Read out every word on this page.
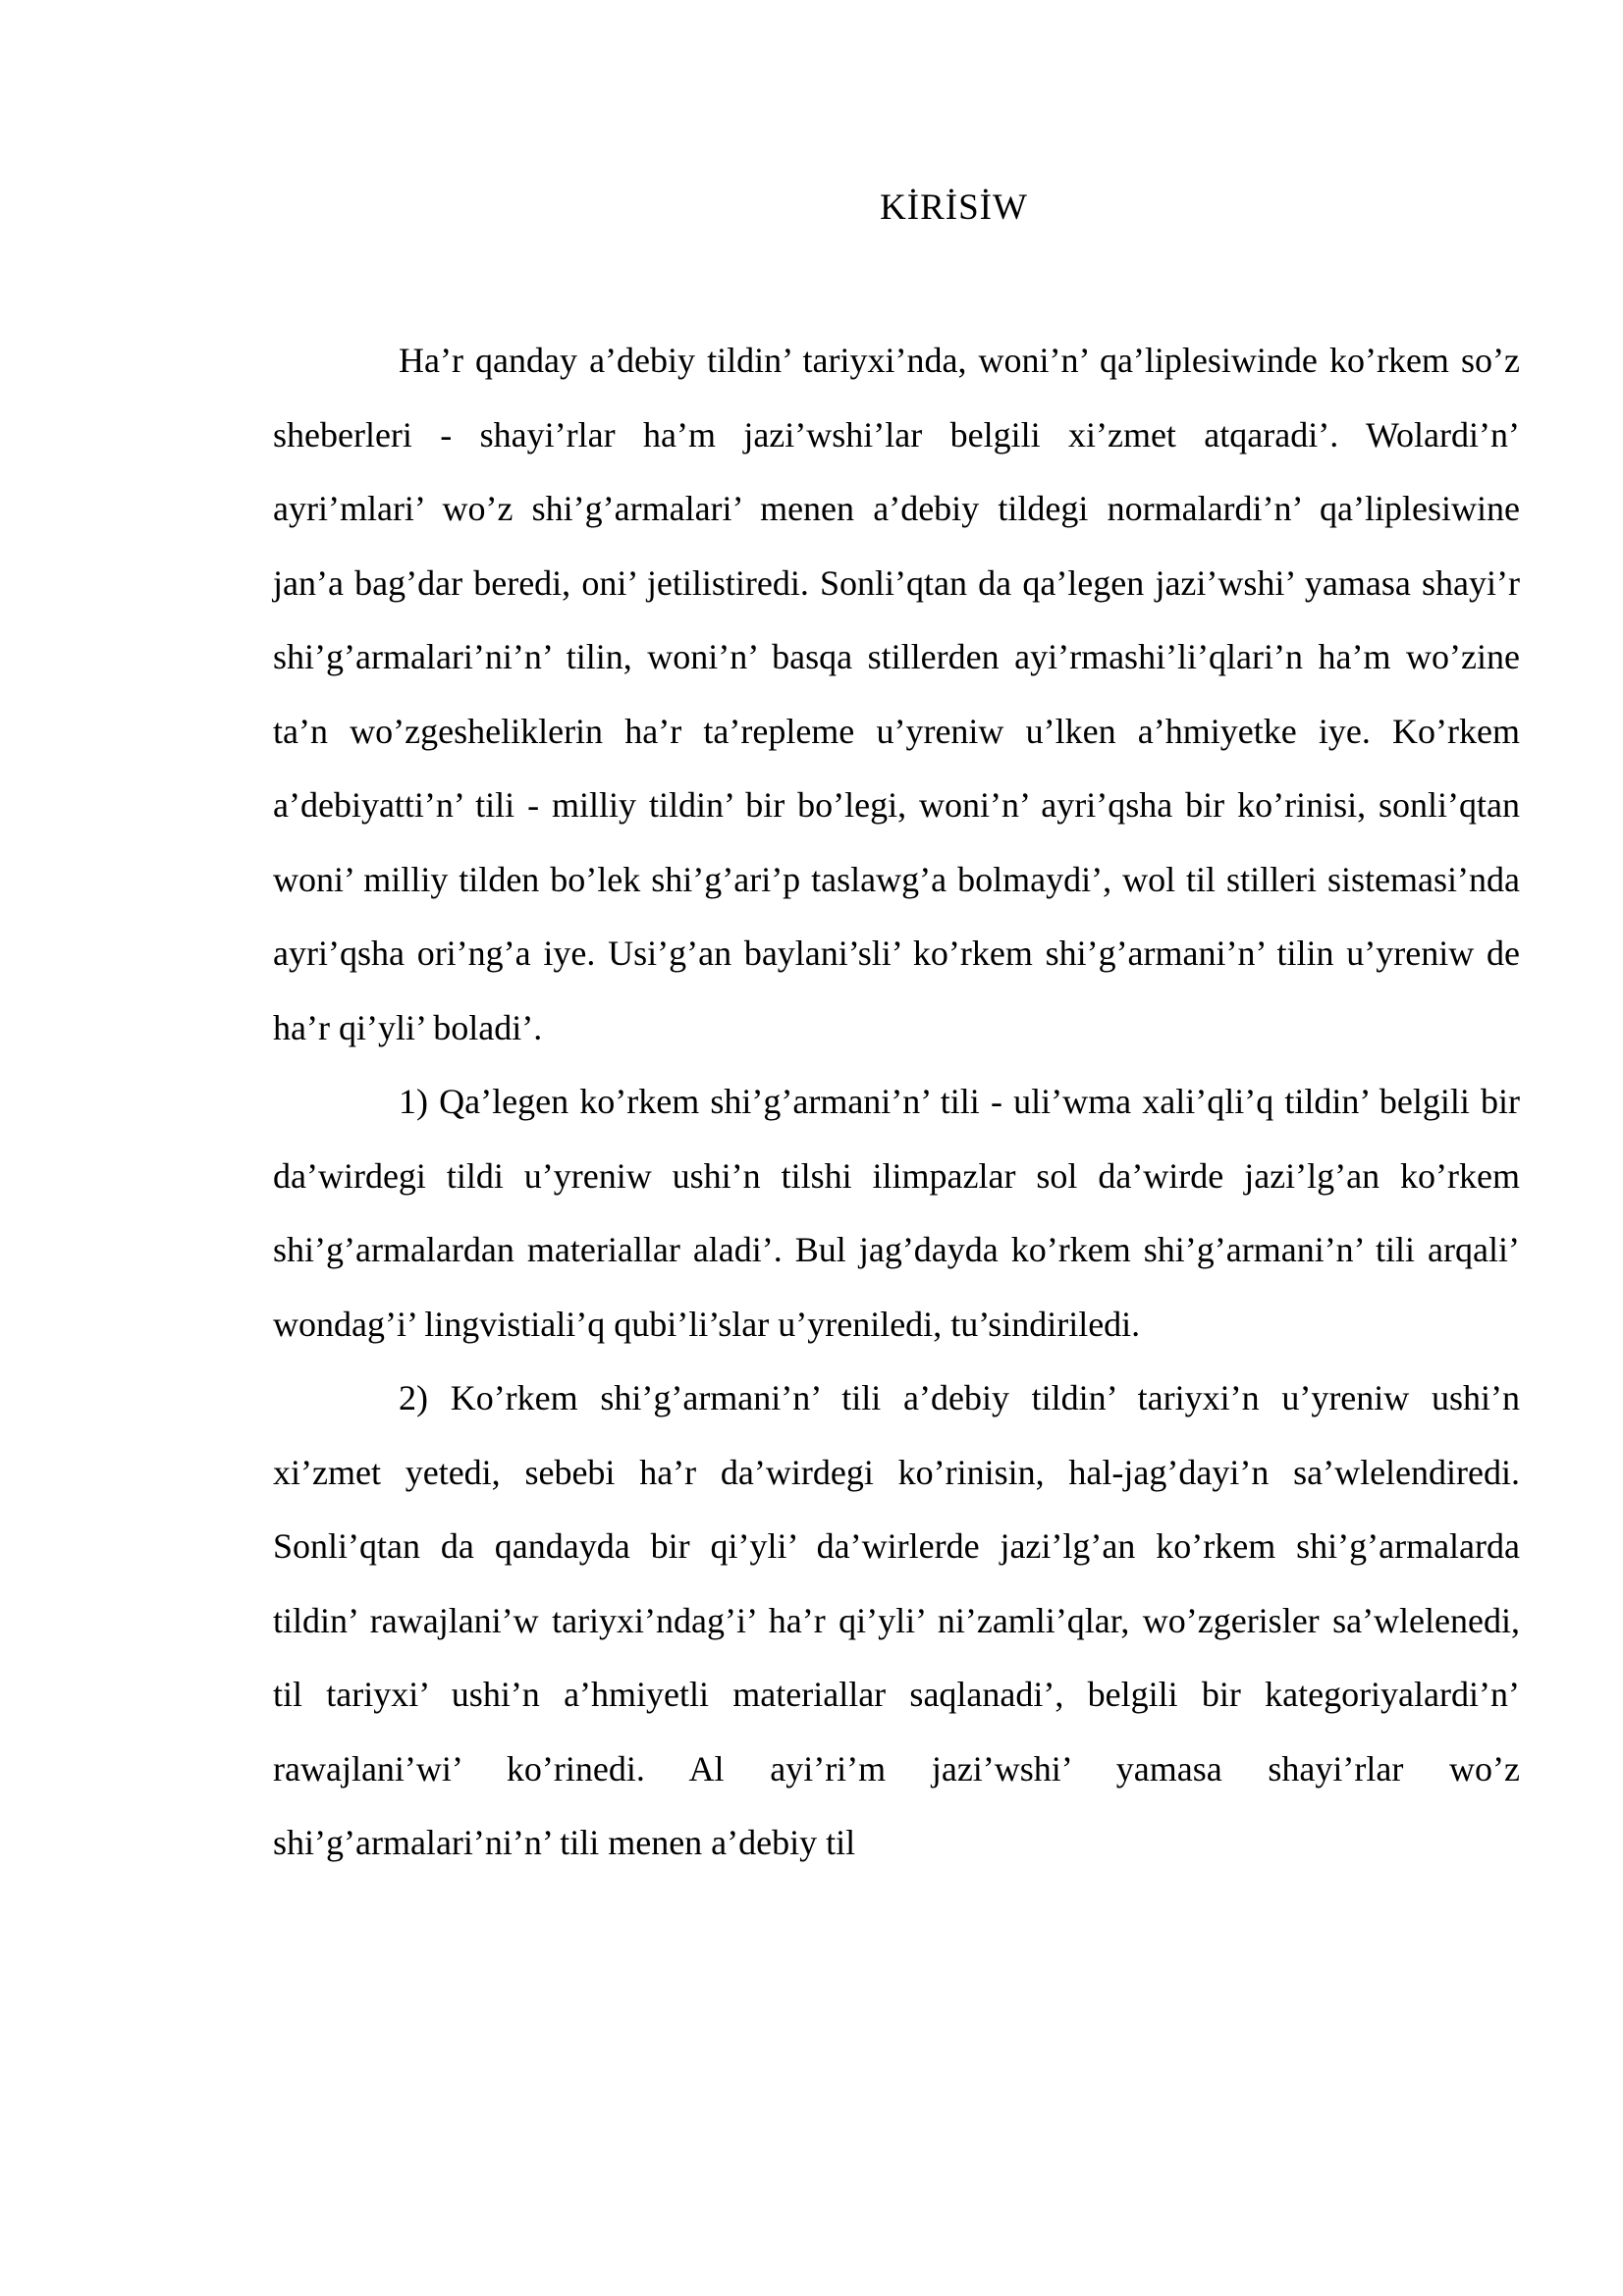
KİRİSİW

Ha’r qanday a’debiy tildin’ tariyxi’nda, woni’n’ qa’liplesiwinde ko’rkem so’z sheberleri - shayi’rlar ha’m jazi’wshi’lar belgili xi’zmet atqaradi’. Wolardi’n’ ayri’mlari’ wo’z shi’g’armalari’ menen a’debiy tildegi normalardi’n’ qa’liplesiwine jan’a bag’dar beredi, oni’ jetilistiredi. Sonli’qtan da qa’legen jazi’wshi’ yamasa shayi’r shi’g’armalari’ni’n’ tilin, woni’n’ basqa stillerden ayi’rmashi’li’qlari’n ha’m wo’zine ta’n wo’zgesheliklerin ha’r ta’repleme u’yreniw u’lken a’hmiyetke iye. Ko’rkem a’debiyatti’n’ tili - milliy tildin’ bir bo’legi, woni’n’ ayri’qsha bir ko’rinisi, sonli’qtan woni’ milliy tilden bo’lek shi’g’ari’p taslawg’a bolmaydi’, wol til stilleri sistemasi’nda ayri’qsha ori’ng’a iye. Usi’g’an baylani’sli’ ko’rkem shi’g’armani’n’ tilin u’yreniw de ha’r qi’yli’ boladi’.

1) Qa’legen ko’rkem shi’g’armani’n’ tili - uli’wma xali’qli’q tildin’ belgili bir da’wirdegi tildi u’yreniw ushi’n tilshi ilimpazlar sol da’wirde jazi’lg’an ko’rkem shi’g’armalardan materiallar aladi’. Bul jag’dayda ko’rkem shi’g’armani’n’ tili arqali’ wondag’i’ lingvistiali’q qubi’li’slar u’yreniledi, tu’sindiriledi.

2) Ko’rkem shi’g’armani’n’ tili a’debiy tildin’ tariyxi’n u’yreniw ushi’n xi’zmet yetedi, sebebi ha’r da’wirdegi ko’rinisin, hal-jag’dayi’n sa’wlelendiredi. Sonli’qtan da qandayda bir qi’yli’ da’wirlerde jazi’lg’an ko’rkem shi’g’armalarda tildin’ rawajlani’w tariyxi’ndag’i’ ha’r qi’yli’ ni’zamli’qlar, wo’zgerisler sa’wlelenedi, til tariyxi’ ushi’n a’hmiyetli materiallar saqlanadi’, belgili bir kategoriyalardi’n’ rawajlani’wi’ ko’rinedi. Al ayi’ri’m jazi’wshi’ yamasa shayi’rlar wo’z shi’g’armalari’ni’n’ tili menen a’debiy til
